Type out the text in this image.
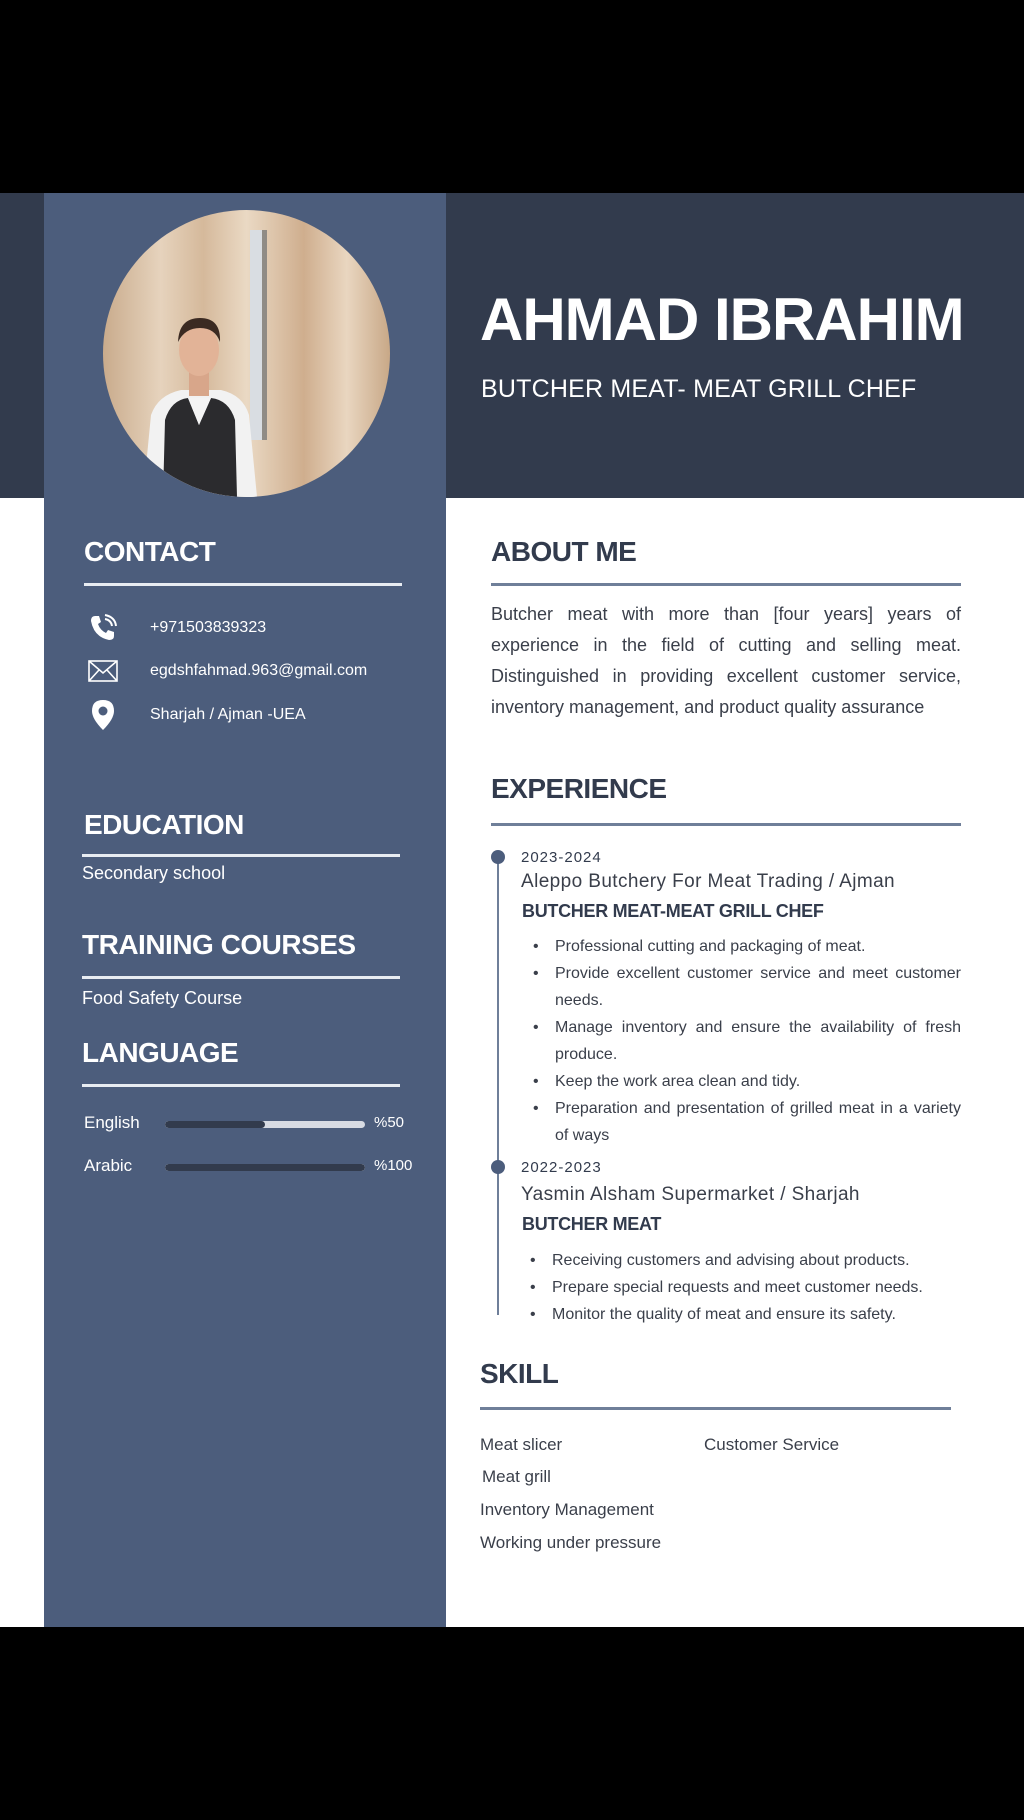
AHMAD IBRAHIM
BUTCHER MEAT- MEAT GRILL CHEF
CONTACT
+971503839323
egdshfahmad.963@gmail.com
Sharjah / Ajman -UEA
EDUCATION
Secondary school
TRAINING COURSES
Food Safety Course
LANGUAGE
English	%50
Arabic	%100
ABOUT ME
Butcher meat with more than [four years] years of experience in the field of cutting and selling meat. Distinguished in providing excellent customer service, inventory management, and product quality assurance
EXPERIENCE
2023-2024
Aleppo Butchery For Meat Trading / Ajman
BUTCHER MEAT-MEAT GRILL CHEF
• Professional cutting and packaging of meat.
• Provide excellent customer service and meet customer needs.
• Manage inventory and ensure the availability of fresh produce.
• Keep the work area clean and tidy.
• Preparation and presentation of grilled meat in a variety of ways
2022-2023
Yasmin Alsham Supermarket / Sharjah
BUTCHER MEAT
• Receiving customers and advising about products.
• Prepare special requests and meet customer needs.
• Monitor the quality of meat and ensure its safety.
SKILL
Meat slicer	Customer Service
Meat grill
Inventory Management
Working under pressure
